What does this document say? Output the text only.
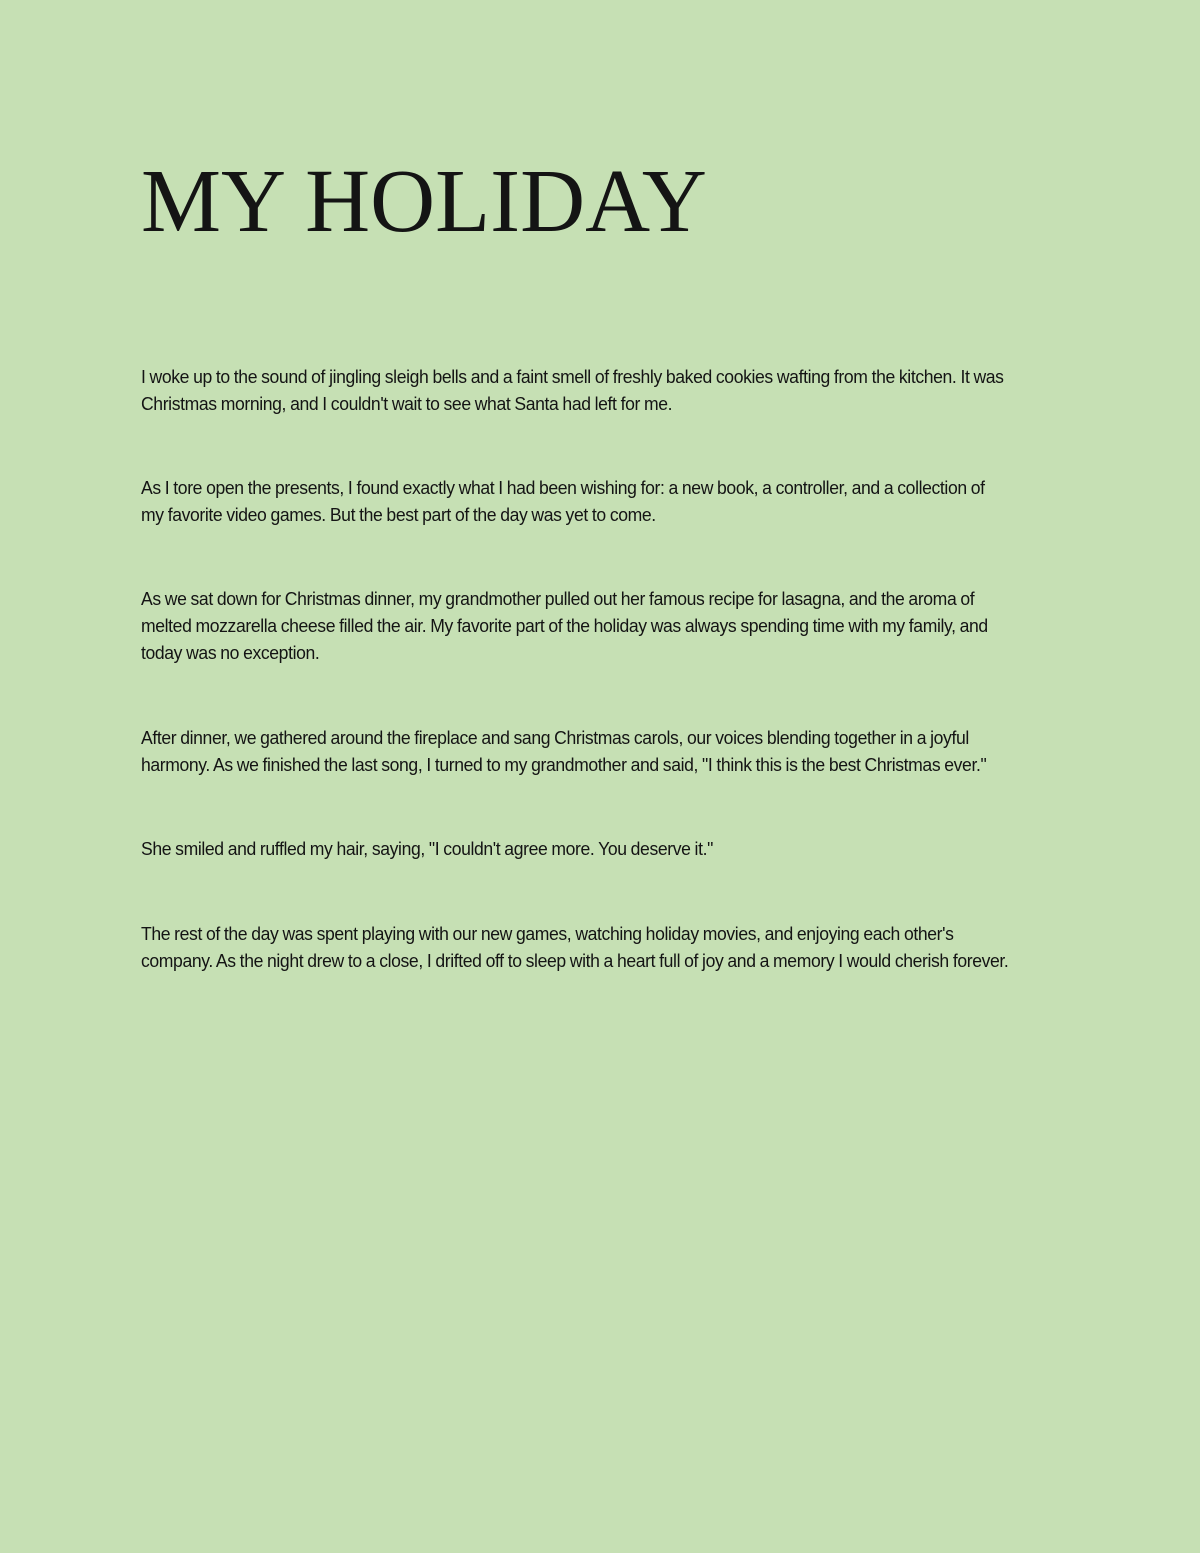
MY HOLIDAY

I woke up to the sound of jingling sleigh bells and a faint smell of freshly baked cookies wafting from the kitchen. It was Christmas morning, and I couldn't wait to see what Santa had left for me.

As I tore open the presents, I found exactly what I had been wishing for: a new book, a controller, and a collection of my favorite video games. But the best part of the day was yet to come.

As we sat down for Christmas dinner, my grandmother pulled out her famous recipe for lasagna, and the aroma of melted mozzarella cheese filled the air. My favorite part of the holiday was always spending time with my family, and today was no exception.

After dinner, we gathered around the fireplace and sang Christmas carols, our voices blending together in a joyful harmony. As we finished the last song, I turned to my grandmother and said, "I think this is the best Christmas ever."

She smiled and ruffled my hair, saying, "I couldn't agree more. You deserve it."

The rest of the day was spent playing with our new games, watching holiday movies, and enjoying each other's company. As the night drew to a close, I drifted off to sleep with a heart full of joy and a memory I would cherish forever.
